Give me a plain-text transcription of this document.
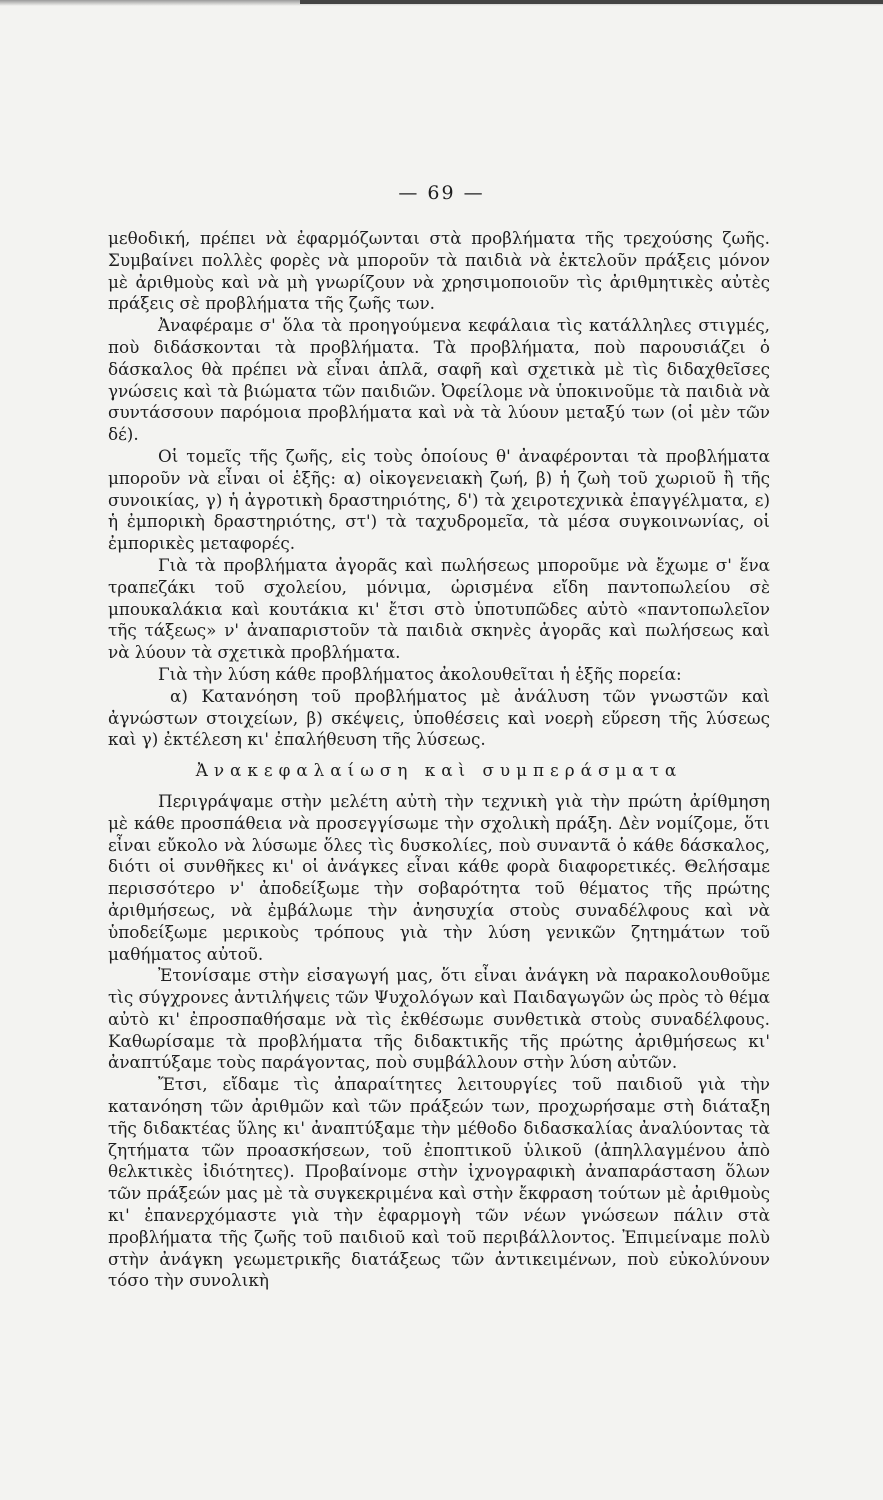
— 69 —

μεθοδική, πρέπει νὰ ἐφαρμόζωνται στὰ προβλήματα τῆς τρεχούσης ζωῆς. Συμβαίνει πολλὲς φορὲς νὰ μποροῦν τὰ παιδιὰ νὰ ἐκτελοῦν πράξεις μόνον μὲ ἀριθμοὺς καὶ νὰ μὴ γνωρίζουν νὰ χρησιμοποιοῦν τὶς ἀριθμητικὲς αὐτὲς πράξεις σὲ προβλήματα τῆς ζωῆς των.

Ἀναφέραμε σ' ὅλα τὰ προηγούμενα κεφάλαια τὶς κατάλληλες στιγμές, ποὺ διδάσκονται τὰ προβλήματα. Τὰ προβλήματα, ποὺ παρουσιάζει ὁ δάσκαλος θὰ πρέπει νὰ εἶναι ἁπλᾶ, σαφῆ καὶ σχετικὰ μὲ τὶς διδαχθεῖσες γνώσεις καὶ τὰ βιώματα τῶν παιδιῶν. Ὀφείλομε νὰ ὑποκινοῦμε τὰ παιδιὰ νὰ συντάσσουν παρόμοια προβλήματα καὶ νὰ τὰ λύουν μεταξύ των (οἱ μὲν τῶν δέ).

Οἱ τομεῖς τῆς ζωῆς, εἰς τοὺς ὁποίους θ' ἀναφέρονται τὰ προβλήματα μποροῦν νὰ εἶναι οἱ ἑξῆς: α) οἰκογενειακὴ ζωή, β) ἡ ζωὴ τοῦ χωριοῦ ἢ τῆς συνοικίας, γ) ἡ ἀγροτικὴ δραστηριότης, δ') τὰ χειροτεχνικὰ ἐπαγγέλματα, ε) ἡ ἐμπορικὴ δραστηριότης, στ') τὰ ταχυδρομεῖα, τὰ μέσα συγκοινωνίας, οἱ ἐμπορικὲς μεταφορές.

Γιὰ τὰ προβλήματα ἀγορᾶς καὶ πωλήσεως μποροῦμε νὰ ἔχωμε σ' ἕνα τραπεζάκι τοῦ σχολείου, μόνιμα, ὡρισμένα εἴδη παντοπωλείου σὲ μπουκαλάκια καὶ κουτάκια κι' ἔτσι στὸ ὑποτυπῶδες αὐτὸ «παντοπωλεῖον τῆς τάξεως» ν' ἀναπαριστοῦν τὰ παιδιὰ σκηνὲς ἀγορᾶς καὶ πωλήσεως καὶ νὰ λύουν τὰ σχετικὰ προβλήματα.

Γιὰ τὴν λύση κάθε προβλήματος ἀκολουθεῖται ἡ ἑξῆς πορεία:

α) Κατανόηση τοῦ προβλήματος μὲ ἀνάλυση τῶν γνωστῶν καὶ ἀγνώστων στοιχείων, β) σκέψεις, ὑποθέσεις καὶ νοερὴ εὕρεση τῆς λύσεως καὶ γ) ἐκτέλεση κι' ἐπαλήθευση τῆς λύσεως.

Ἀνακεφαλαίωση καὶ συμπεράσματα

Περιγράψαμε στὴν μελέτη αὐτὴ τὴν τεχνικὴ γιὰ τὴν πρώτη ἀρίθμηση μὲ κάθε προσπάθεια νὰ προσεγγίσωμε τὴν σχολικὴ πράξη. Δὲν νομίζομε, ὅτι εἶναι εὔκολο νὰ λύσωμε ὅλες τὶς δυσκολίες, ποὺ συναντᾶ ὁ κάθε δάσκαλος, διότι οἱ συνθῆκες κι' οἱ ἀνάγκες εἶναι κάθε φορὰ διαφορετικές. Θελήσαμε περισσότερο ν' ἀποδείξωμε τὴν σοβαρότητα τοῦ θέματος τῆς πρώτης ἀριθμήσεως, νὰ ἐμβάλωμε τὴν ἀνησυχία στοὺς συναδέλφους καὶ νὰ ὑποδείξωμε μερικοὺς τρόπους γιὰ τὴν λύση γενικῶν ζητημάτων τοῦ μαθήματος αὐτοῦ.

Ἐτονίσαμε στὴν εἰσαγωγή μας, ὅτι εἶναι ἀνάγκη νὰ παρακολουθοῦμε τὶς σύγχρονες ἀντιλήψεις τῶν Ψυχολόγων καὶ Παιδαγωγῶν ὡς πρὸς τὸ θέμα αὐτὸ κι' ἐπροσπαθήσαμε νὰ τὶς ἐκθέσωμε συνθετικὰ στοὺς συναδέλφους. Καθωρίσαμε τὰ προβλήματα τῆς διδακτικῆς τῆς πρώτης ἀριθμήσεως κι' ἀναπτύξαμε τοὺς παράγοντας, ποὺ συμβάλλουν στὴν λύση αὐτῶν.

Ἔτσι, εἴδαμε τὶς ἀπαραίτητες λειτουργίες τοῦ παιδιοῦ γιὰ τὴν κατανόηση τῶν ἀριθμῶν καὶ τῶν πράξεών των, προχωρήσαμε στὴ διάταξη τῆς διδακτέας ὕλης κι' ἀναπτύξαμε τὴν μέθοδο διδασκαλίας ἀναλύοντας τὰ ζητήματα τῶν προασκήσεων, τοῦ ἐποπτικοῦ ὑλικοῦ (ἀπηλλαγμένου ἀπὸ θελκτικὲς ἰδιότητες). Προβαίνομε στὴν ἰχνογραφικὴ ἀναπαράσταση ὅλων τῶν πράξεών μας μὲ τὰ συγκεκριμένα καὶ στὴν ἔκφραση τούτων μὲ ἀριθμοὺς κι' ἐπανερχόμαστε γιὰ τὴν ἐφαρμογὴ τῶν νέων γνώσεων πάλιν στὰ προβλήματα τῆς ζωῆς τοῦ παιδιοῦ καὶ τοῦ περιβάλλοντος. Ἐπιμείναμε πολὺ στὴν ἀνάγκη γεωμετρικῆς διατάξεως τῶν ἀντικειμένων, ποὺ εὐκολύνουν τόσο τὴν συνολικὴ
